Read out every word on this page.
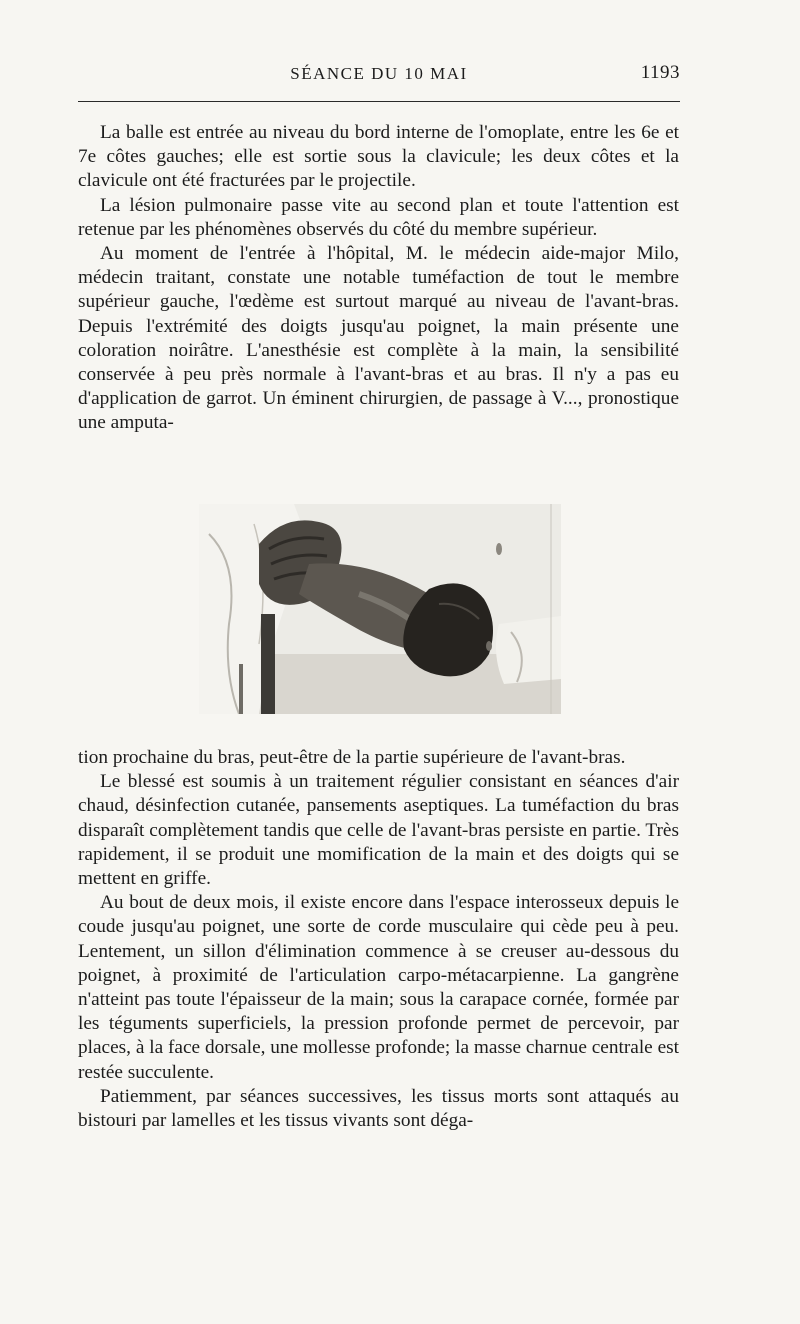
SÉANCE DU 10 MAI	1193

La balle est entrée au niveau du bord interne de l'omoplate, entre les 6e et 7e côtes gauches; elle est sortie sous la clavicule; les deux côtes et la clavicule ont été fracturées par le projectile.

La lésion pulmonaire passe vite au second plan et toute l'attention est retenue par les phénomènes observés du côté du membre supérieur.

Au moment de l'entrée à l'hôpital, M. le médecin aide-major Milo, médecin traitant, constate une notable tuméfaction de tout le membre supérieur gauche, l'œdème est surtout marqué au niveau de l'avant-bras. Depuis l'extrémité des doigts jusqu'au poignet, la main présente une coloration noirâtre. L'anesthésie est complète à la main, la sensibilité conservée à peu près normale à l'avant-bras et au bras. Il n'y a pas eu d'application de garrot. Un éminent chirurgien, de passage à V..., pronostique une amputa-

tion prochaine du bras, peut-être de la partie supérieure de l'avant-bras.

Le blessé est soumis à un traitement régulier consistant en séances d'air chaud, désinfection cutanée, pansements aseptiques. La tuméfaction du bras disparaît complètement tandis que celle de l'avant-bras persiste en partie. Très rapidement, il se produit une momification de la main et des doigts qui se mettent en griffe.

Au bout de deux mois, il existe encore dans l'espace interosseux depuis le coude jusqu'au poignet, une sorte de corde musculaire qui cède peu à peu. Lentement, un sillon d'élimination commence à se creuser au-dessous du poignet, à proximité de l'articulation carpo-métacarpienne. La gangrène n'atteint pas toute l'épaisseur de la main; sous la carapace cornée, formée par les téguments superficiels, la pression profonde permet de percevoir, par places, à la face dorsale, une mollesse profonde; la masse charnue centrale est restée succulente.

Patiemment, par séances successives, les tissus morts sont attaqués au bistouri par lamelles et les tissus vivants sont déga-
